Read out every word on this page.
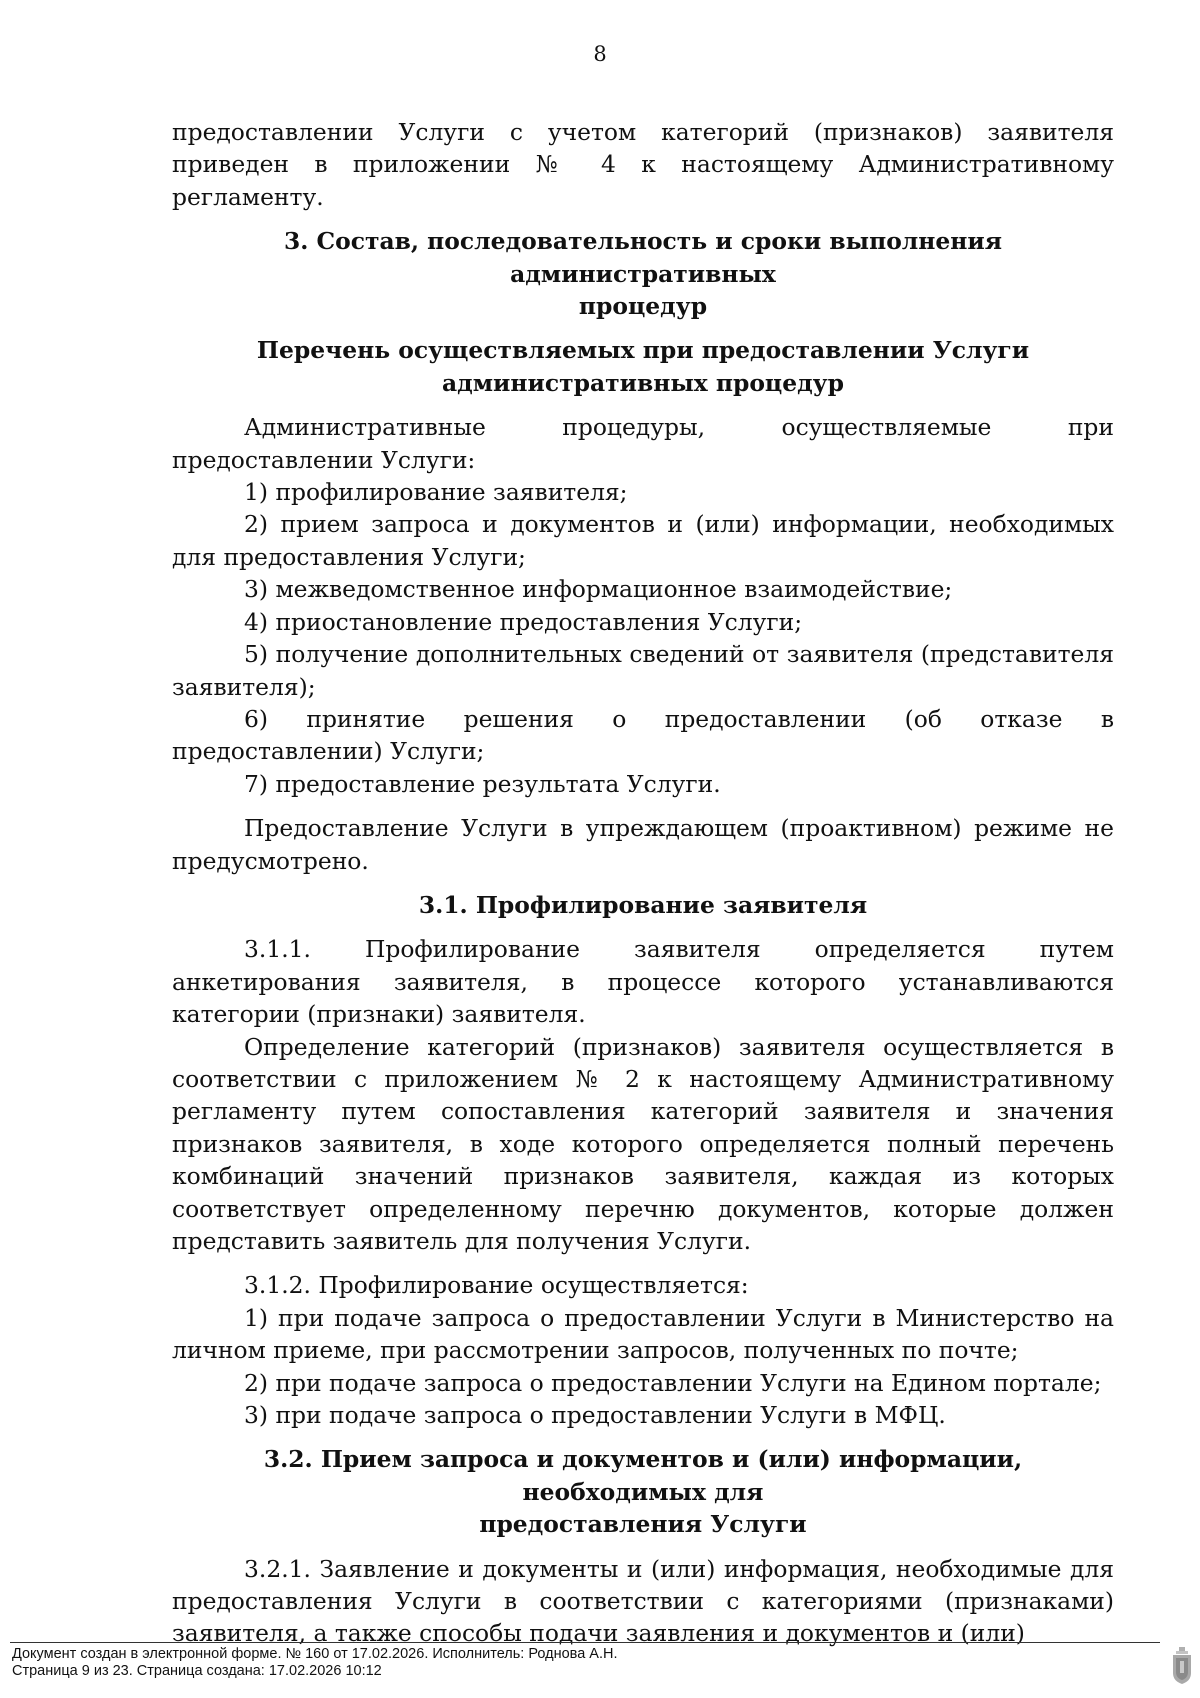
8

предоставлении Услуги с учетом категорий (признаков) заявителя приведен в приложении № 4 к настоящему Административному регламенту.

3. Состав, последовательность и сроки выполнения административных
процедур
Перечень осуществляемых при предоставлении Услуги
административных процедур

Административные процедуры, осуществляемые при предоставлении Услуги:

1) профилирование заявителя;

2) прием запроса и документов и (или) информации, необходимых для предоставления Услуги;

3) межведомственное информационное взаимодействие;

4) приостановление предоставления Услуги;

5) получение дополнительных сведений от заявителя (представителя заявителя);

6) принятие решения о предоставлении (об отказе в предоставлении) Услуги;

7) предоставление результата Услуги.

Предоставление Услуги в упреждающем (проактивном) режиме не предусмотрено.

3.1. Профилирование заявителя

3.1.1. Профилирование заявителя определяется путем анкетирования заявителя, в процессе которого устанавливаются категории (признаки) заявителя.

Определение категорий (признаков) заявителя осуществляется в соответствии с приложением № 2 к настоящему Административному регламенту путем сопоставления категорий заявителя и значения признаков заявителя, в ходе которого определяется полный перечень комбинаций значений признаков заявителя, каждая из которых соответствует определенному перечню документов, которые должен представить заявитель для получения Услуги.

3.1.2. Профилирование осуществляется:

1) при подаче запроса о предоставлении Услуги в Министерство на личном приеме, при рассмотрении запросов, полученных по почте;

2) при подаче запроса о предоставлении Услуги на Едином портале;

3) при подаче запроса о предоставлении Услуги в МФЦ.

3.2. Прием запроса и документов и (или) информации, необходимых для
предоставления Услуги

3.2.1. Заявление и документы и (или) информация, необходимые для предоставления Услуги в соответствии с категориями (признаками) заявителя, а также способы подачи заявления и документов и (или)

Документ создан в электронной форме. № 160 от 17.02.2026. Исполнитель: Роднова А.Н.
Страница 9 из 23. Страница создана: 17.02.2026 10:12
